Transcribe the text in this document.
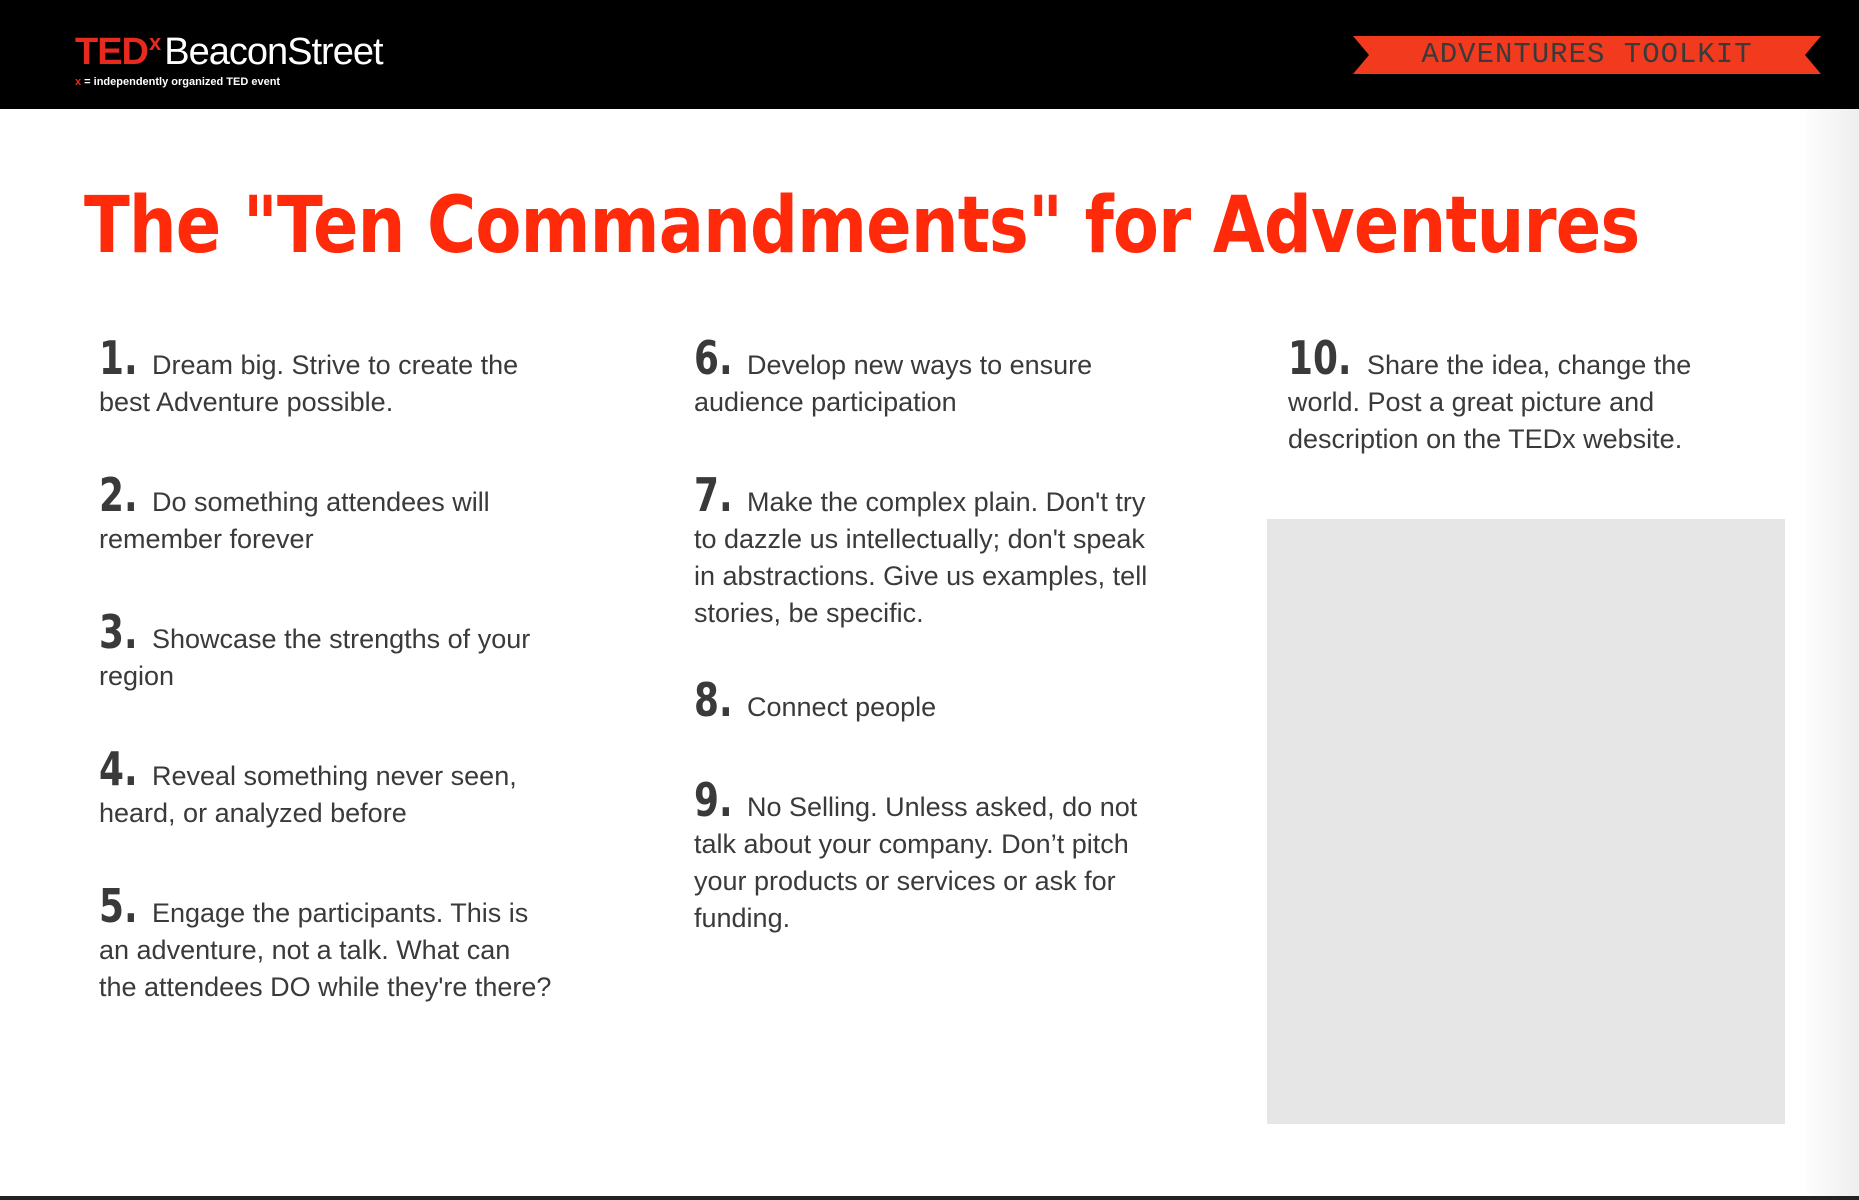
TED x BeaconStreet
x = independently organized TED event
ADVENTURES TOOLKIT
The "Ten Commandments" for Adventures
1. Dream big. Strive to create the
best Adventure possible.
2. Do something attendees will
remember forever
3. Showcase the strengths of your
region
4. Reveal something never seen,
heard, or analyzed before
5. Engage the participants. This is
an adventure, not a talk. What can
the attendees DO while they're there?
6. Develop new ways to ensure
audience participation
7. Make the complex plain. Don't try
to dazzle us intellectually; don't speak
in abstractions. Give us examples, tell
stories, be specific.
8. Connect people
9. No Selling. Unless asked, do not
talk about your company. Don’t pitch
your products or services or ask for
funding.
10. Share the idea, change the
world. Post a great picture and
description on the TEDx website.
